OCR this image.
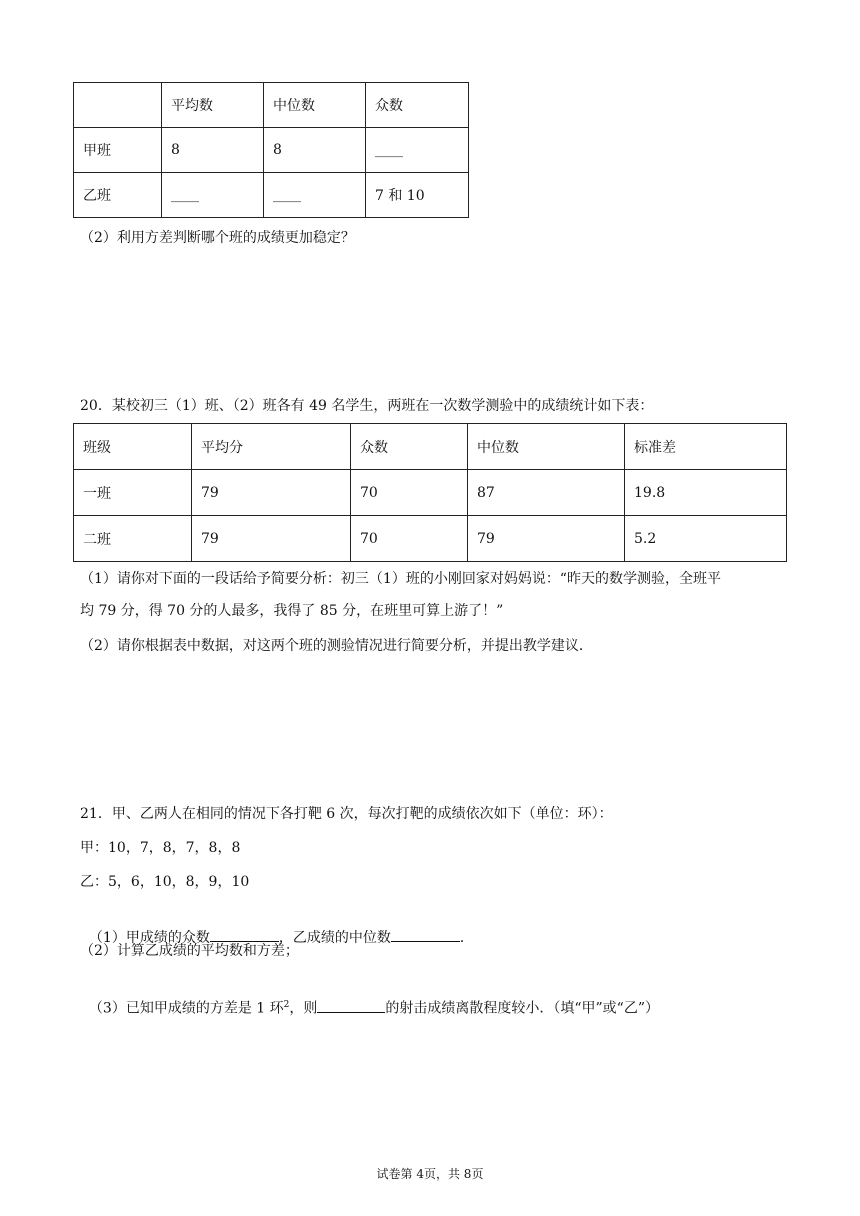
	平均数	中位数	众数
甲班	8	8	____
乙班	____	____	7 和 10
（2）利用方差判断哪个班的成绩更加稳定？
20．某校初三（1）班、（2）班各有 49 名学生，两班在一次数学测验中的成绩统计如下表：
班级	平均分	众数	中位数	标准差
一班	79	70	87	19.8
二班	79	70	79	5.2
（1）请你对下面的一段话给予简要分析：初三（1）班的小刚回家对妈妈说：“昨天的数学测验，全班平
均 79 分，得 70 分的人最多，我得了 85 分，在班里可算上游了！”
（2）请你根据表中数据，对这两个班的测验情况进行简要分析，并提出教学建议．
21．甲、乙两人在相同的情况下各打靶 6 次，每次打靶的成绩依次如下（单位：环）：
甲：10，7，8，7，8，8
乙：5，6，10，8，9，10

（1）甲成绩的众数	，乙成绩的中位数	．

（2）计算乙成绩的平均数和方差；

（3）已知甲成绩的方差是 1 环$^2$，则	的射击成绩离散程度较小．（填“甲”或“乙”）

试卷第 4页，共 8页
